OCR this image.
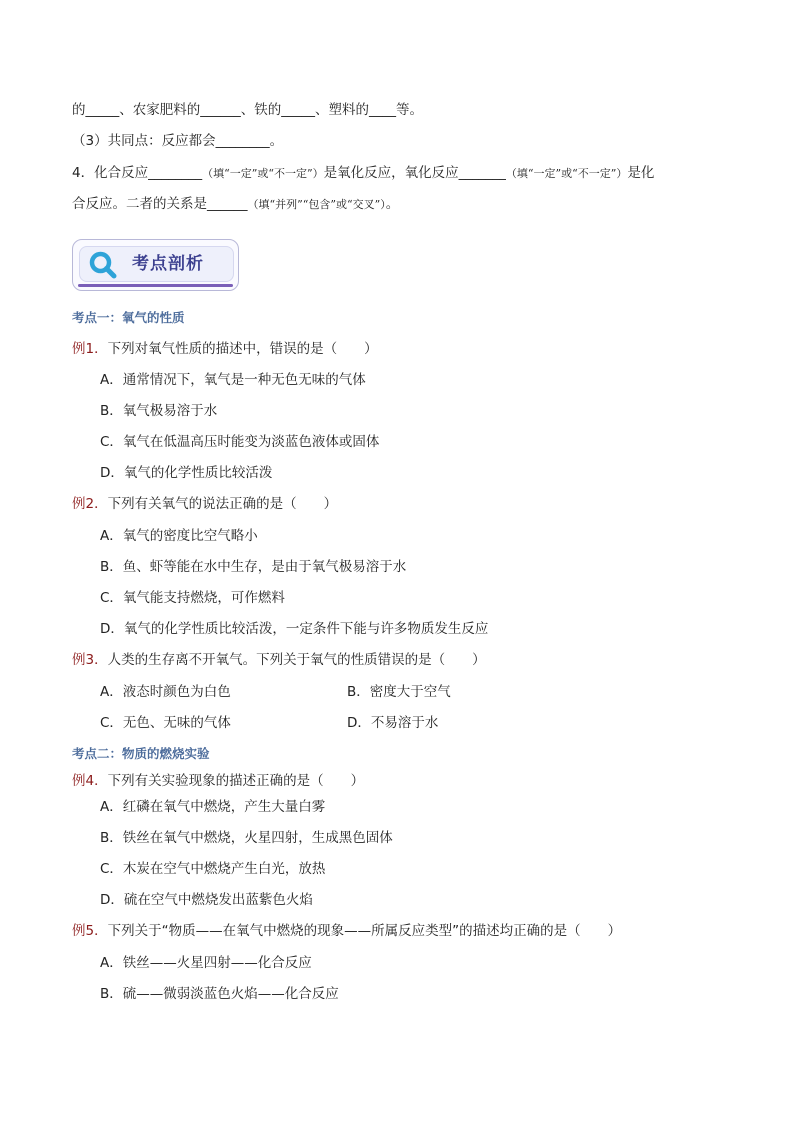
的_____、农家肥料的______、铁的_____、塑料的____等。
（3）共同点：反应都会________。
4．化合反应________（填“一定”或“不一定”）是氧化反应，氧化反应_______（填“一定”或“不一定”）是化
合反应。二者的关系是______（填“并列”“包含”或“交叉”）。
考点剖析
考点一：氧气的性质
例1．下列对氧气性质的描述中，错误的是（　　）
A．通常情况下，氧气是一种无色无味的气体
B．氧气极易溶于水
C．氧气在低温高压时能变为淡蓝色液体或固体
D．氧气的化学性质比较活泼
例2．下列有关氧气的说法正确的是（　　）
A．氧气的密度比空气略小
B．鱼、虾等能在水中生存，是由于氧气极易溶于水
C．氧气能支持燃烧，可作燃料
D．氧气的化学性质比较活泼，一定条件下能与许多物质发生反应
例3．人类的生存离不开氧气。下列关于氧气的性质错误的是（　　）
A．液态时颜色为白色	B．密度大于空气
C．无色、无味的气体	D．不易溶于水
考点二：物质的燃烧实验
例4．下列有关实验现象的描述正确的是（　　）
A．红磷在氧气中燃烧，产生大量白雾
B．铁丝在氧气中燃烧，火星四射，生成黑色固体
C．木炭在空气中燃烧产生白光，放热
D．硫在空气中燃烧发出蓝紫色火焰
例5．下列关于“物质——在氧气中燃烧的现象——所属反应类型”的描述均正确的是（　　）
A．铁丝——火星四射——化合反应
B．硫——微弱淡蓝色火焰——化合反应
